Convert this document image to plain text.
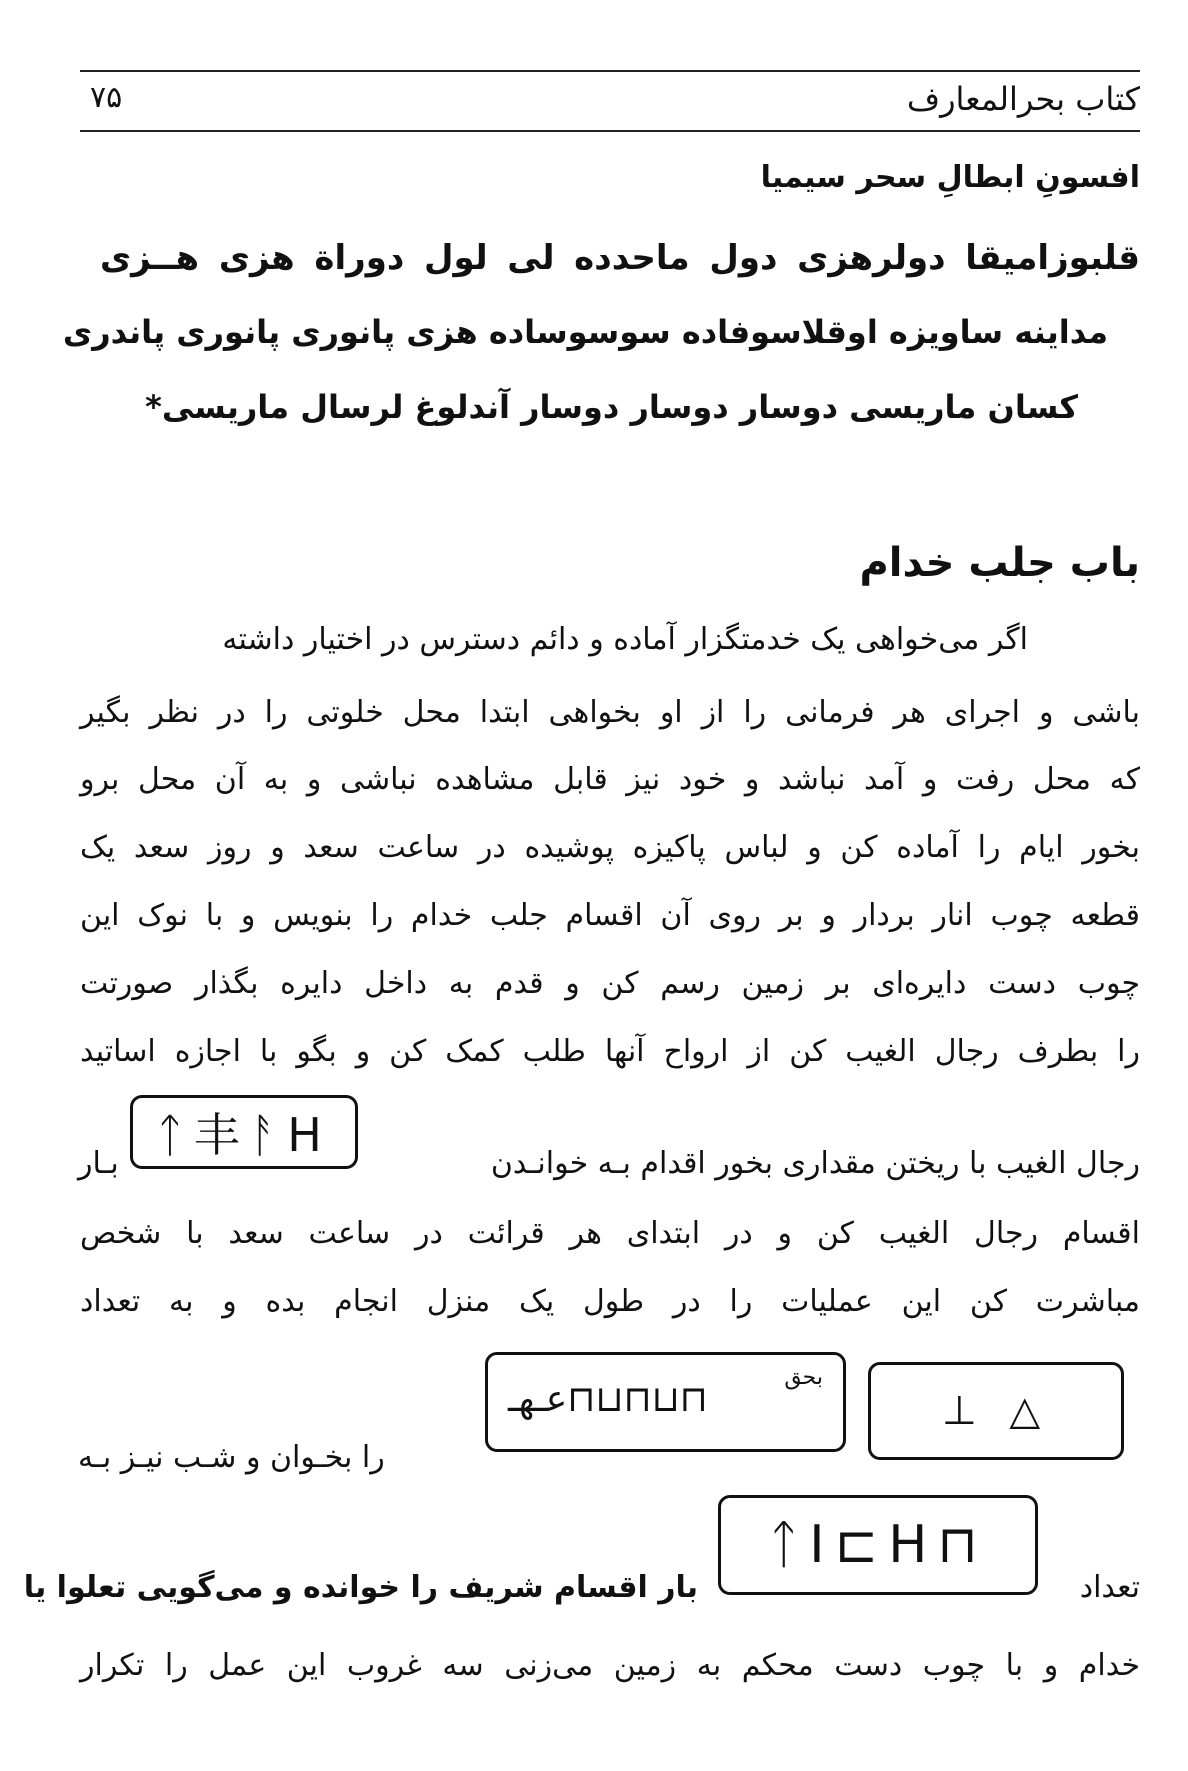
کتاب بحرالمعارف
۷۵
افسونِ ابطالِ سحر سیمیا
قلبوزامیقا دولرهزی دول ماحدده لی لول دوراة هزی هــزی
مداینه ساویزه اوقلاسوفاده سوسوساده هزی پانوری پانوری پاندری
کسان ماریسی دوسار دوسار دوسار آندلوغ لرسال ماریسی*
باب جلب خدام
اگر می‌خواهی یک خدمتگزار آماده و دائم دسترس در اختیار داشته
باشی و اجرای هر فرمانی را از او بخواهی ابتدا محل خلوتی را در نظر بگیر
که محل رفت و آمد نباشد و خود نیز قابل مشاهده نباشی و به آن محل برو
بخور ایام را آماده کن و لباس پاکیزه پوشیده در ساعت سعد و روز سعد یک
قطعه چوب انار بردار و بر روی آن اقسام جلب خدام را بنویس و با نوک این
چوب دست دایره‌ای بر زمین رسم کن و قدم به داخل دایره بگذار صورتت
را بطرف رجال الغیب کن از ارواح آنها طلب کمک کن و بگو با اجازه اساتید
ᛏ丰ᚨH
رجال الغیب با ریختن مقداری بخور اقدام بـه خوانـدن
بـار
اقسام رجال الغیب کن و در ابتدای هر قرائت در ساعت سعد با شخص
مباشرت کن این عملیات را در طول یک منزل انجام بده و به تعداد
بحق
عـهـ⊓⊔⊓⊔⊓	⊥ △
را بخـوان و شـب نیـز بـه
ᛏI⊏H⊓
تعداد
بار اقسام شریف را خوانده و می‌گویی تعلوا یا
خدام و با چوب دست محکم به زمین می‌زنی سه غروب این عمل را تکرار
